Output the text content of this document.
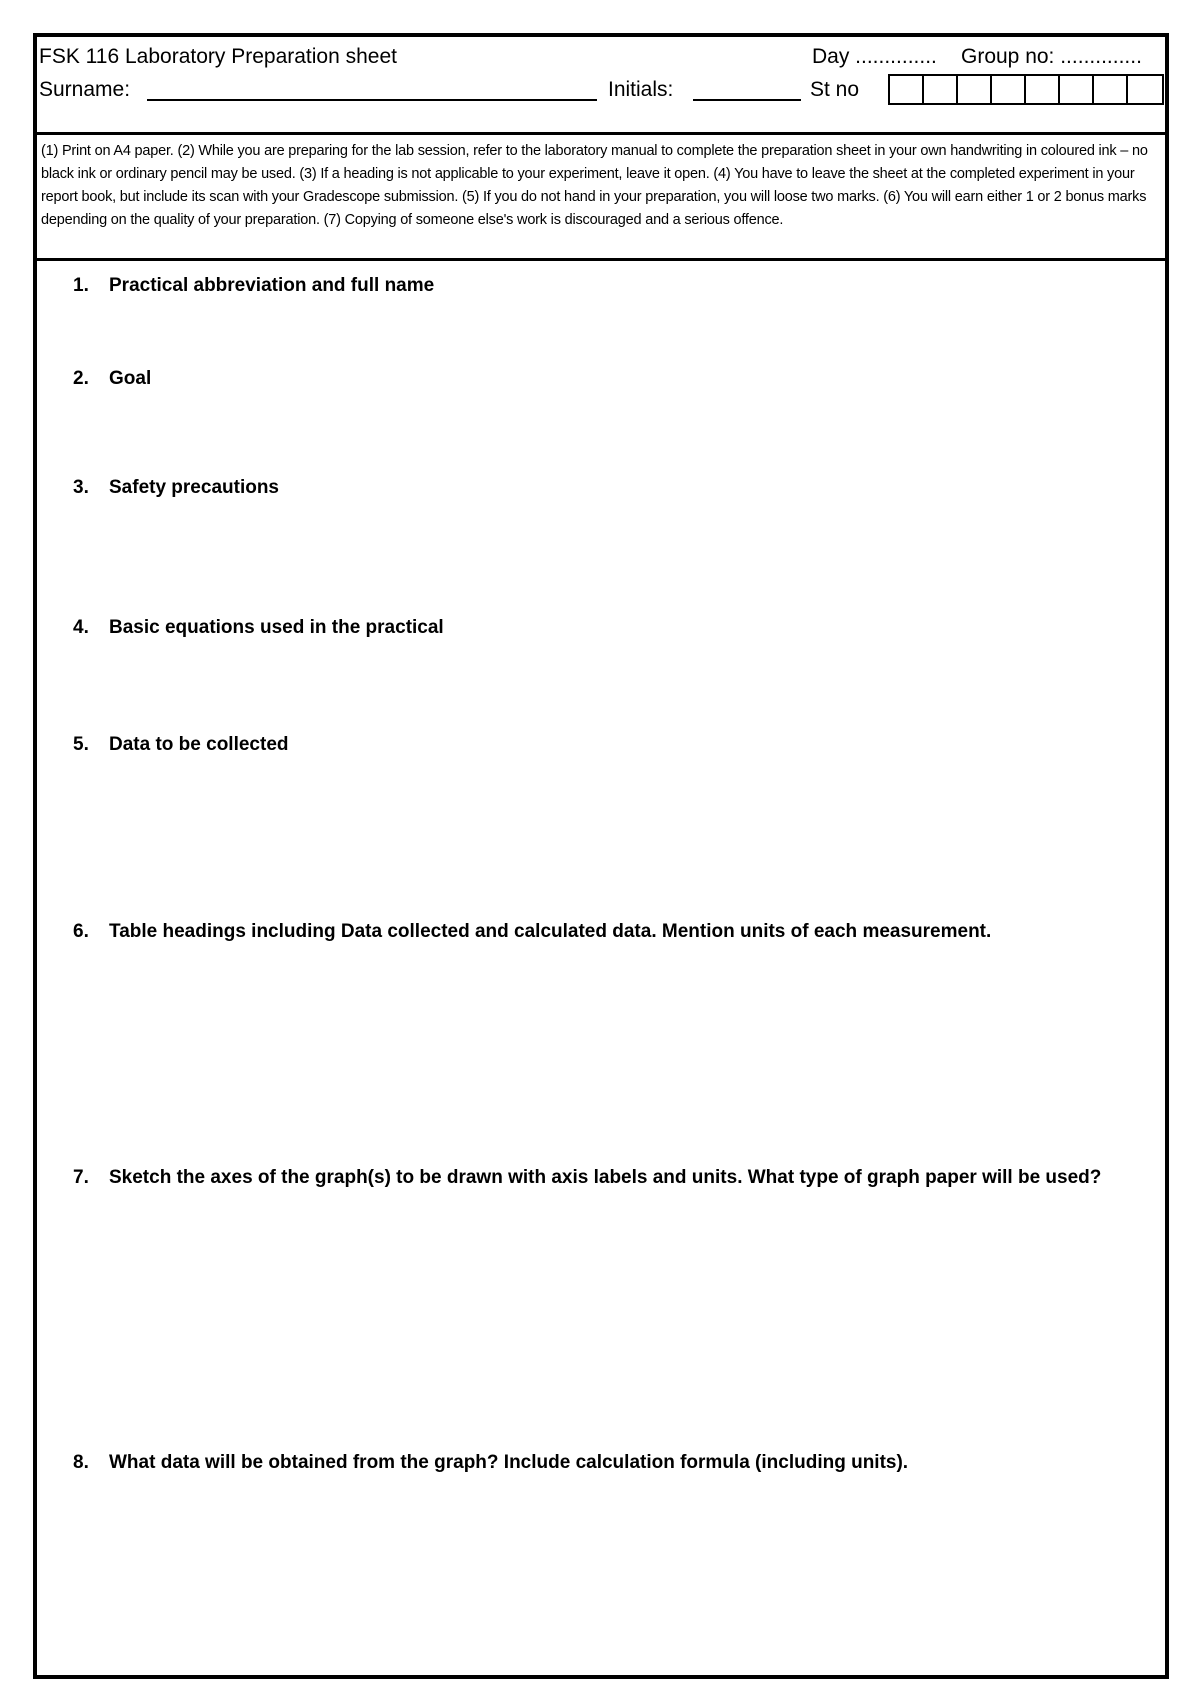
FSK 116 Laboratory Preparation sheet	Day .............. Group no: ..............
Surname:	Initials:	St no

(1) Print on A4 paper. (2) While you are preparing for the lab session, refer to the laboratory manual to complete the preparation sheet in your own handwriting in coloured ink – no black ink or ordinary pencil may be used. (3) If a heading is not applicable to your experiment, leave it open. (4) You have to leave the sheet at the completed experiment in your report book, but include its scan with your Gradescope submission. (5) If you do not hand in your preparation, you will loose two marks. (6) You will earn either 1 or 2 bonus marks depending on the quality of your preparation. (7) Copying of someone else's work is discouraged and a serious offence.

1.	Practical abbreviation and full name
2.	Goal
3.	Safety precautions
4.	Basic equations used in the practical
5.	Data to be collected
6.	Table headings including Data collected and calculated data. Mention units of each measurement.
7.	Sketch the axes of the graph(s) to be drawn with axis labels and units. What type of graph paper will be used?
8.	What data will be obtained from the graph? Include calculation formula (including units).
